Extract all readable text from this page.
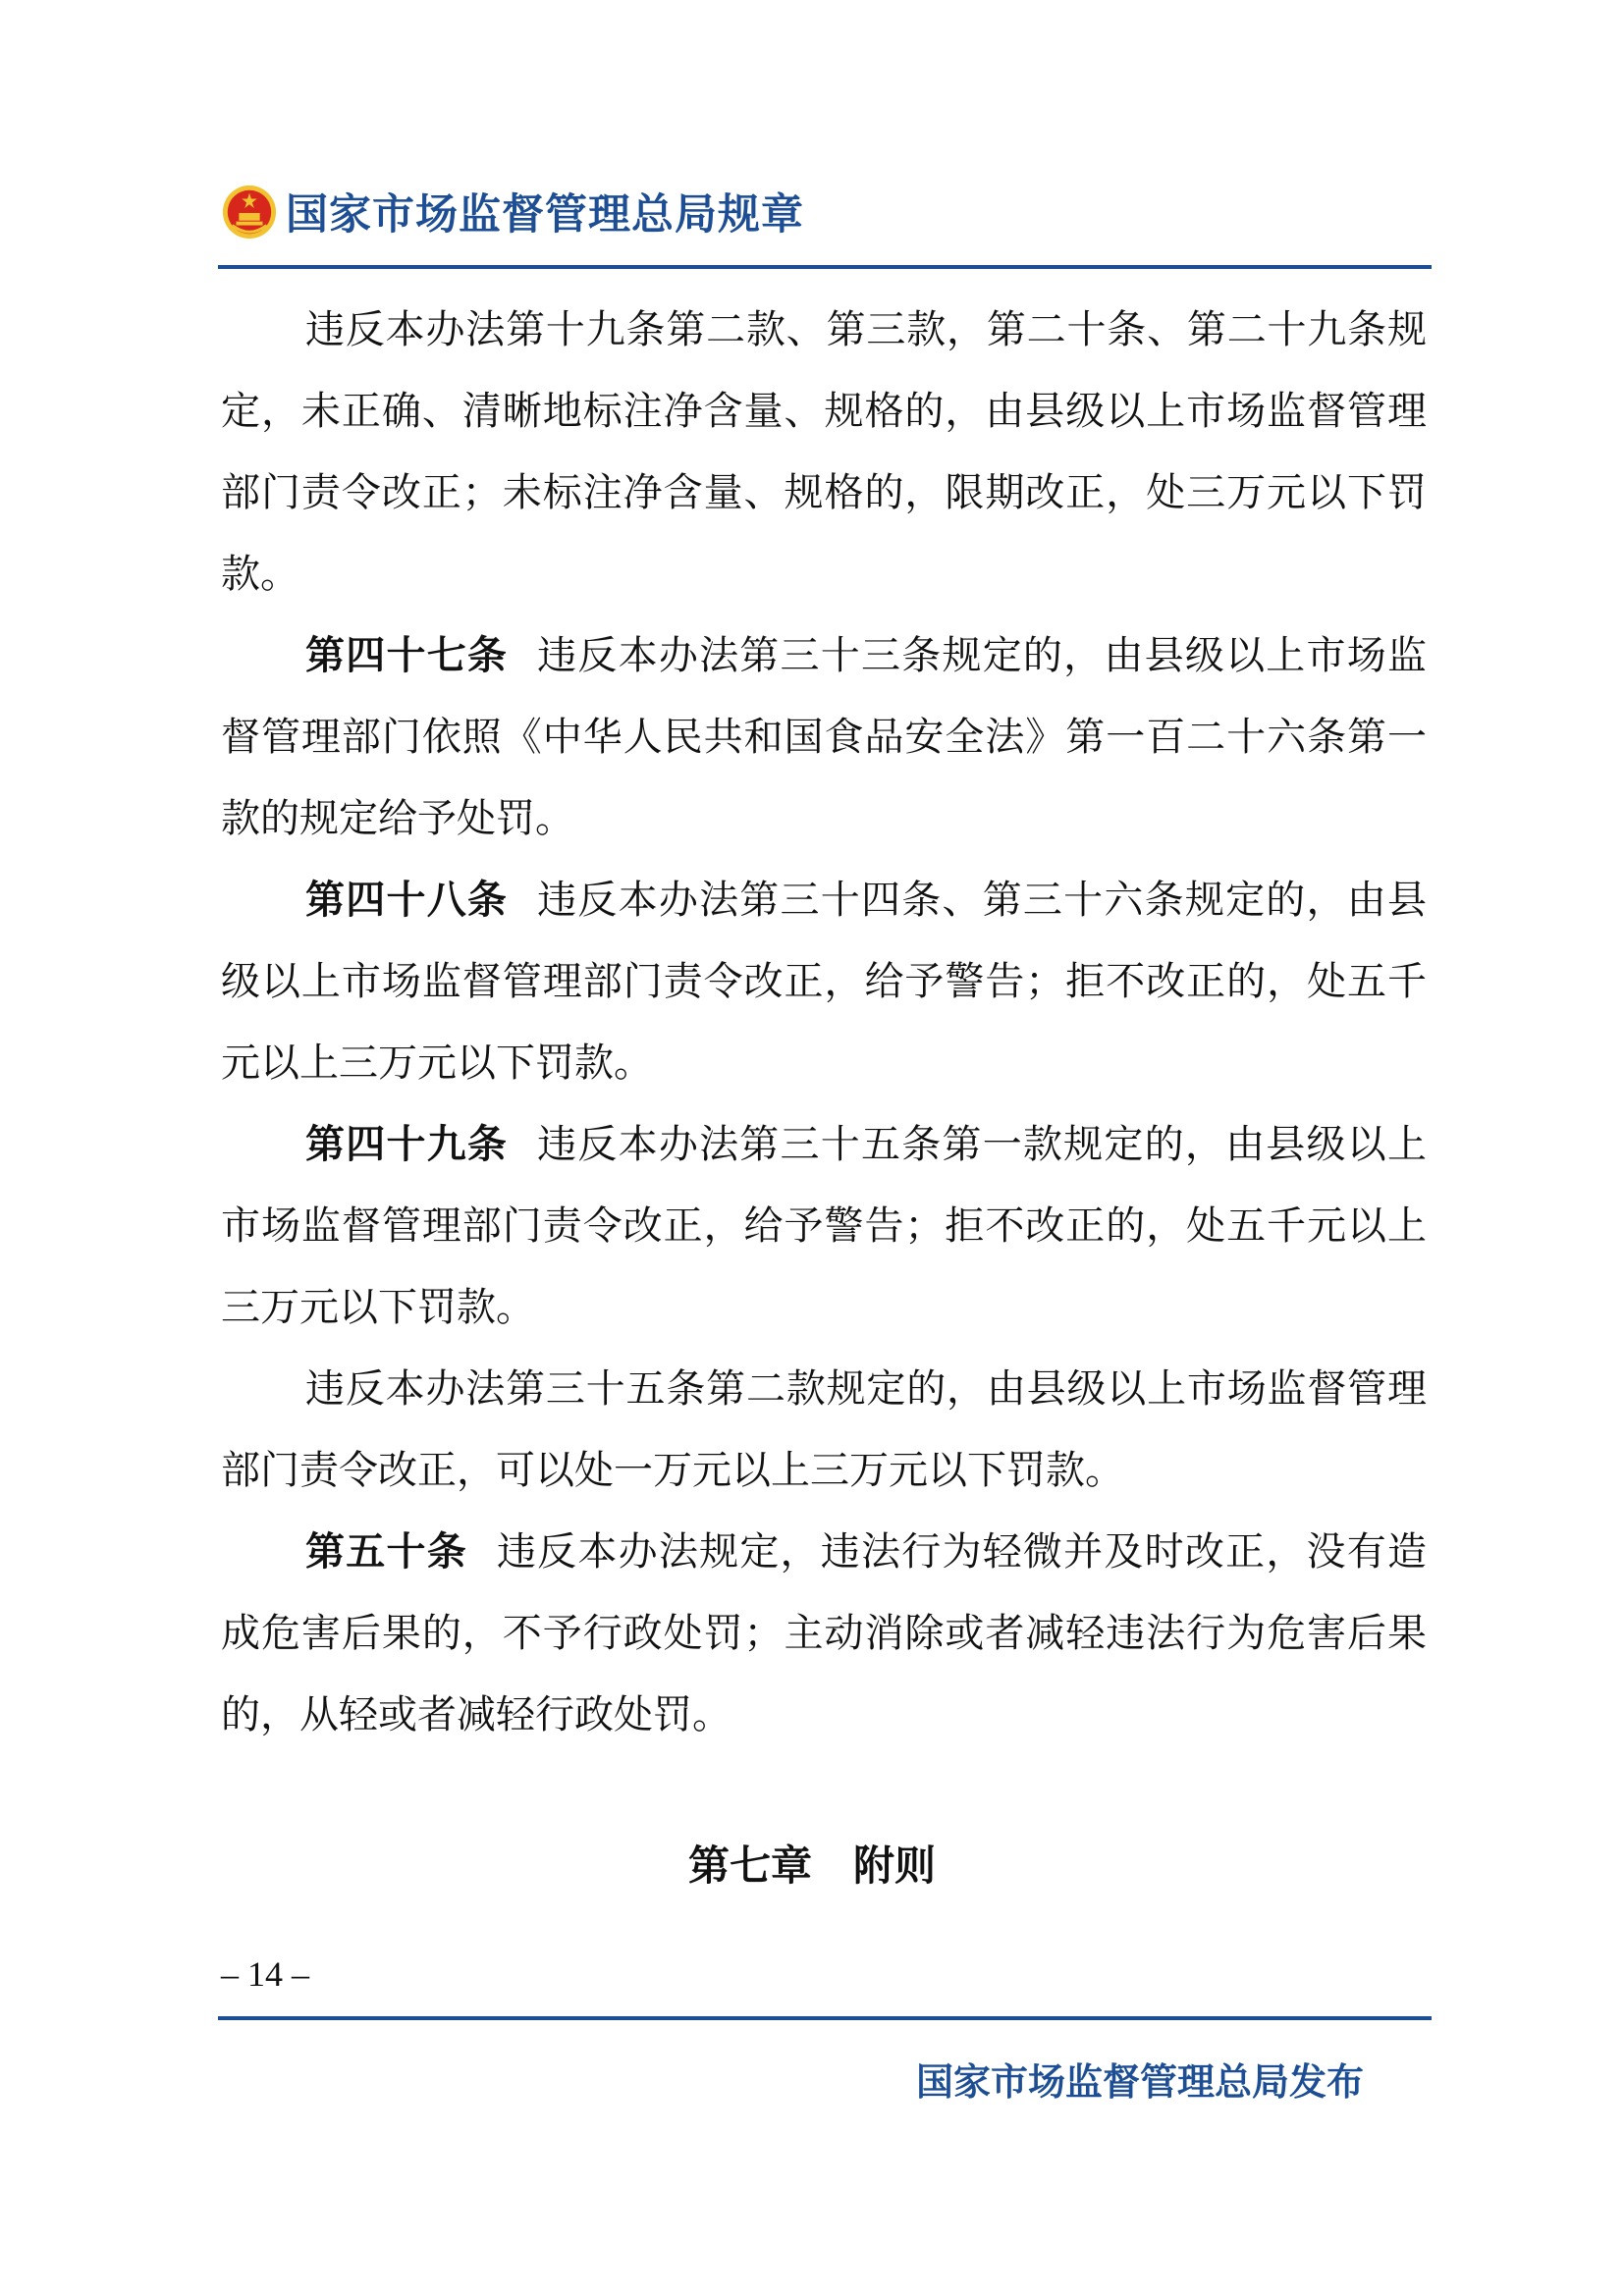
国家市场监督管理总局规章

违反本办法第十九条第二款、第三款，第二十条、第二十九条规定，未正确、清晰地标注净含量、规格的，由县级以上市场监督管理部门责令改正；未标注净含量、规格的，限期改正，处三万元以下罚款。

第四十七条 违反本办法第三十三条规定的，由县级以上市场监督管理部门依照《中华人民共和国食品安全法》第一百二十六条第一款的规定给予处罚。

第四十八条 违反本办法第三十四条、第三十六条规定的，由县级以上市场监督管理部门责令改正，给予警告；拒不改正的，处五千元以上三万元以下罚款。

第四十九条 违反本办法第三十五条第一款规定的，由县级以上市场监督管理部门责令改正，给予警告；拒不改正的，处五千元以上三万元以下罚款。

违反本办法第三十五条第二款规定的，由县级以上市场监督管理部门责令改正，可以处一万元以上三万元以下罚款。

第五十条 违反本办法规定，违法行为轻微并及时改正，没有造成危害后果的，不予行政处罚；主动消除或者减轻违法行为危害后果的，从轻或者减轻行政处罚。

第七章　附则
– 14 –
国家市场监督管理总局发布
